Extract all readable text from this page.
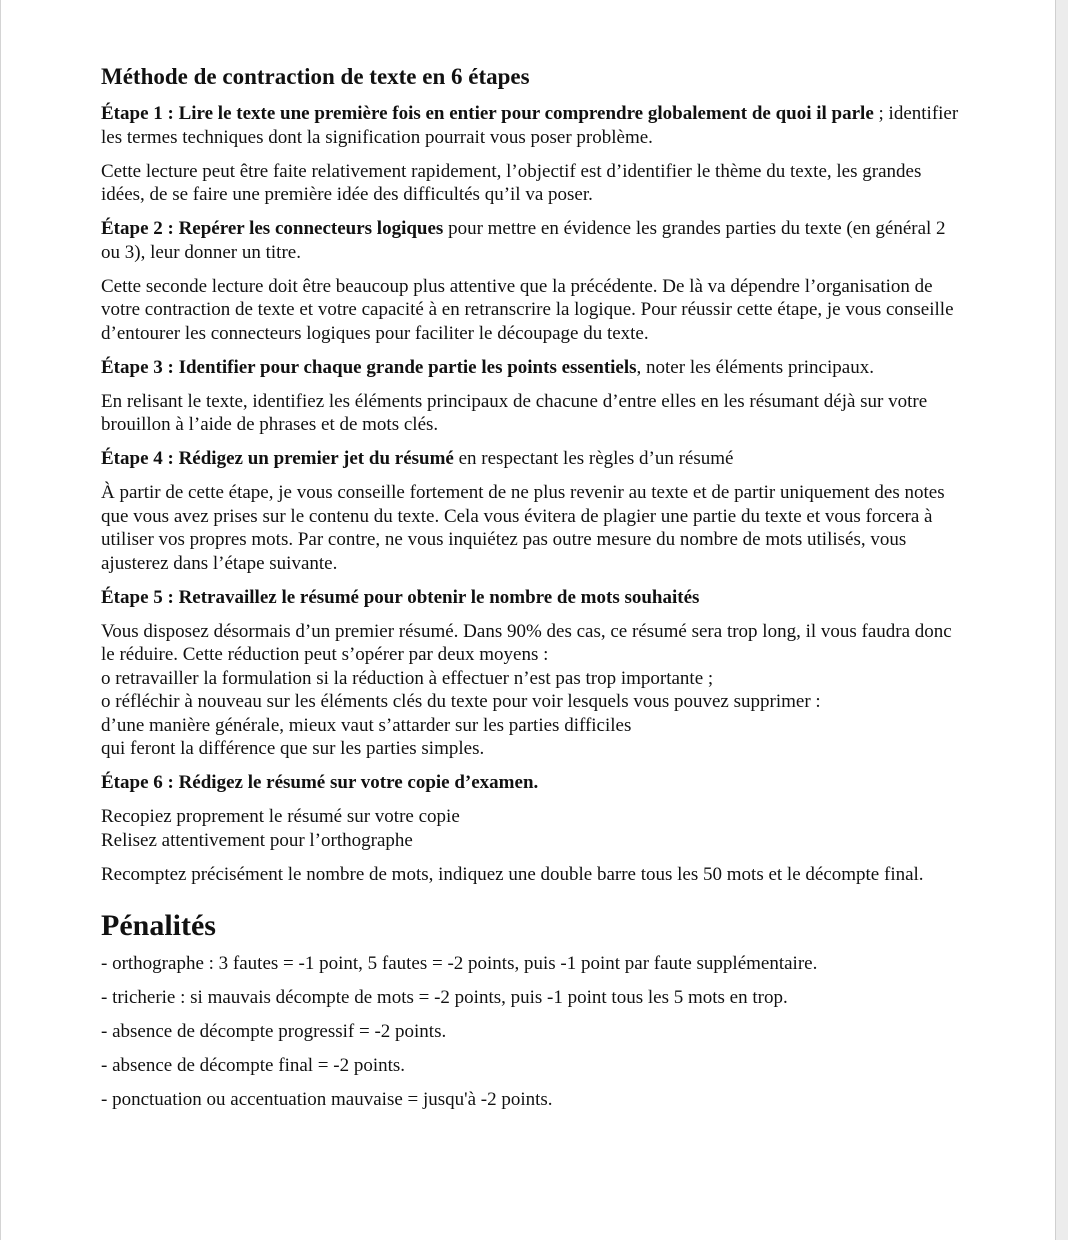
Méthode de contraction de texte en 6 étapes

Étape 1 : Lire le texte une première fois en entier pour comprendre globalement de quoi il parle ; identifier les termes techniques dont la signification pourrait vous poser problème.

Cette lecture peut être faite relativement rapidement, l’objectif est d’identifier le thème du texte, les grandes idées, de se faire une première idée des difficultés qu’il va poser.

Étape 2 : Repérer les connecteurs logiques pour mettre en évidence les grandes parties du texte (en général 2 ou 3), leur donner un titre.

Cette seconde lecture doit être beaucoup plus attentive que la précédente. De là va dépendre l’organisation de votre contraction de texte et votre capacité à en retranscrire la logique. Pour réussir cette étape, je vous conseille d’entourer les connecteurs logiques pour faciliter le découpage du texte.

Étape 3 : Identifier pour chaque grande partie les points essentiels, noter les éléments principaux.

En relisant le texte, identifiez les éléments principaux de chacune d’entre elles en les résumant déjà sur votre brouillon à l’aide de phrases et de mots clés.

Étape 4 : Rédigez un premier jet du résumé en respectant les règles d’un résumé

À partir de cette étape, je vous conseille fortement de ne plus revenir au texte et de partir uniquement des notes que vous avez prises sur le contenu du texte. Cela vous évitera de plagier une partie du texte et vous forcera à utiliser vos propres mots. Par contre, ne vous inquiétez pas outre mesure du nombre de mots utilisés, vous ajusterez dans l’étape suivante.

Étape 5 : Retravaillez le résumé pour obtenir le nombre de mots souhaités

Vous disposez désormais d’un premier résumé. Dans 90% des cas, ce résumé sera trop long, il vous faudra donc le réduire. Cette réduction peut s’opérer par deux moyens :
o retravailler la formulation si la réduction à effectuer n’est pas trop importante ;
o réfléchir à nouveau sur les éléments clés du texte pour voir lesquels vous pouvez supprimer :
d’une manière générale, mieux vaut s’attarder sur les parties difficiles
qui feront la différence que sur les parties simples.

Étape 6 : Rédigez le résumé sur votre copie d’examen.

Recopiez proprement le résumé sur votre copie
Relisez attentivement pour l’orthographe

Recomptez précisément le nombre de mots, indiquez une double barre tous les 50 mots et le décompte final.

Pénalités

- orthographe : 3 fautes = -1 point, 5 fautes = -2 points, puis -1 point par faute supplémentaire.

- tricherie : si mauvais décompte de mots = -2 points, puis -1 point tous les 5 mots en trop.

- absence de décompte progressif = -2 points.

- absence de décompte final = -2 points.

- ponctuation ou accentuation mauvaise = jusqu'à -2 points.
